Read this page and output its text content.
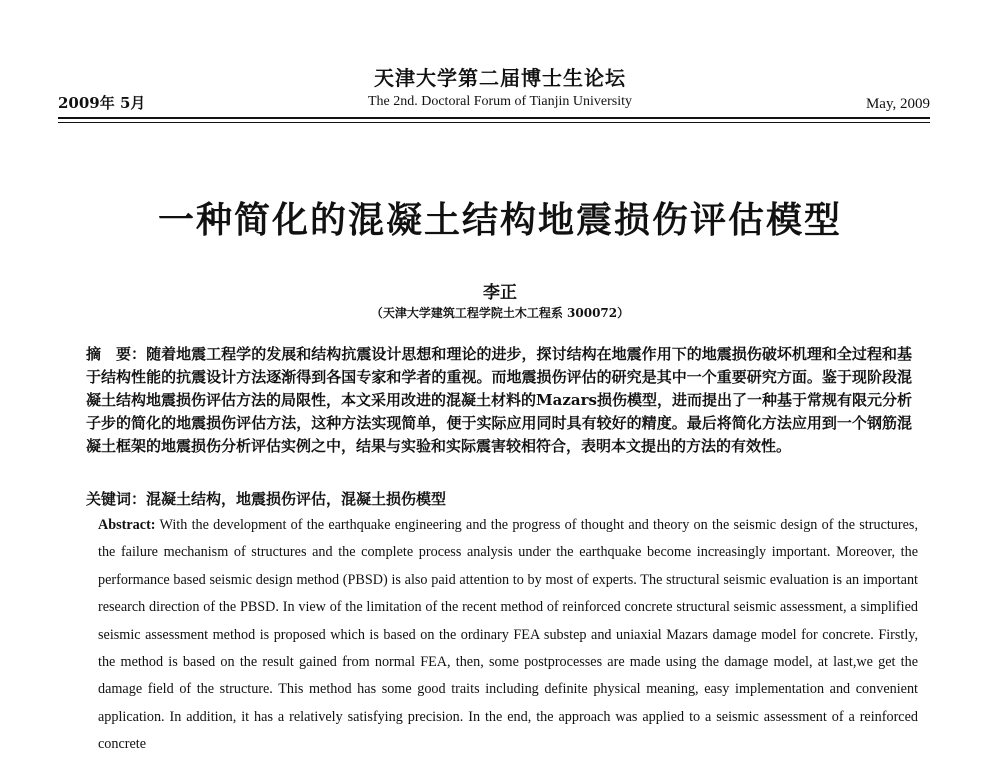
天津大学第二届博士生论坛
2009年 5月	The 2nd. Doctoral Forum of Tianjin University	May, 2009
一种简化的混凝土结构地震损伤评估模型
李正
（天津大学建筑工程学院土木工程系 300072）
摘　要：随着地震工程学的发展和结构抗震设计思想和理论的进步，探讨结构在地震作用下的地震损伤破坏机理和全过程和基于结构性能的抗震设计方法逐渐得到各国专家和学者的重视。而地震损伤评估的研究是其中一个重要研究方面。鉴于现阶段混凝土结构地震损伤评估方法的局限性，本文采用改进的混凝土材料的Mazars损伤模型，进而提出了一种基于常规有限元分析子步的简化的地震损伤评估方法，这种方法实现简单，便于实际应用同时具有较好的精度。最后将简化方法应用到一个钢筋混凝土框架的地震损伤分析评估实例之中，结果与实验和实际震害较相符合，表明本文提出的方法的有效性。
关键词：混凝土结构，地震损伤评估，混凝土损伤模型
Abstract: With the development of the earthquake engineering and the progress of thought and theory on the seismic design of the structures, the failure mechanism of structures and the complete process analysis under the earthquake become increasingly important. Moreover, the performance based seismic design method (PBSD) is also paid attention to by most of experts. The structural seismic evaluation is an important research direction of the PBSD. In view of the limitation of the recent method of reinforced concrete structural seismic assessment, a simplified seismic assessment method is proposed which is based on the ordinary FEA substep and uniaxial Mazars damage model for concrete. Firstly, the method is based on the result gained from normal FEA, then, some postprocesses are made using the damage model, at last,we get the damage field of the structure. This method has some good traits including definite physical meaning, easy implementation and convenient application. In addition, it has a relatively satisfying precision. In the end, the approach was applied to a seismic assessment of a reinforced concrete
